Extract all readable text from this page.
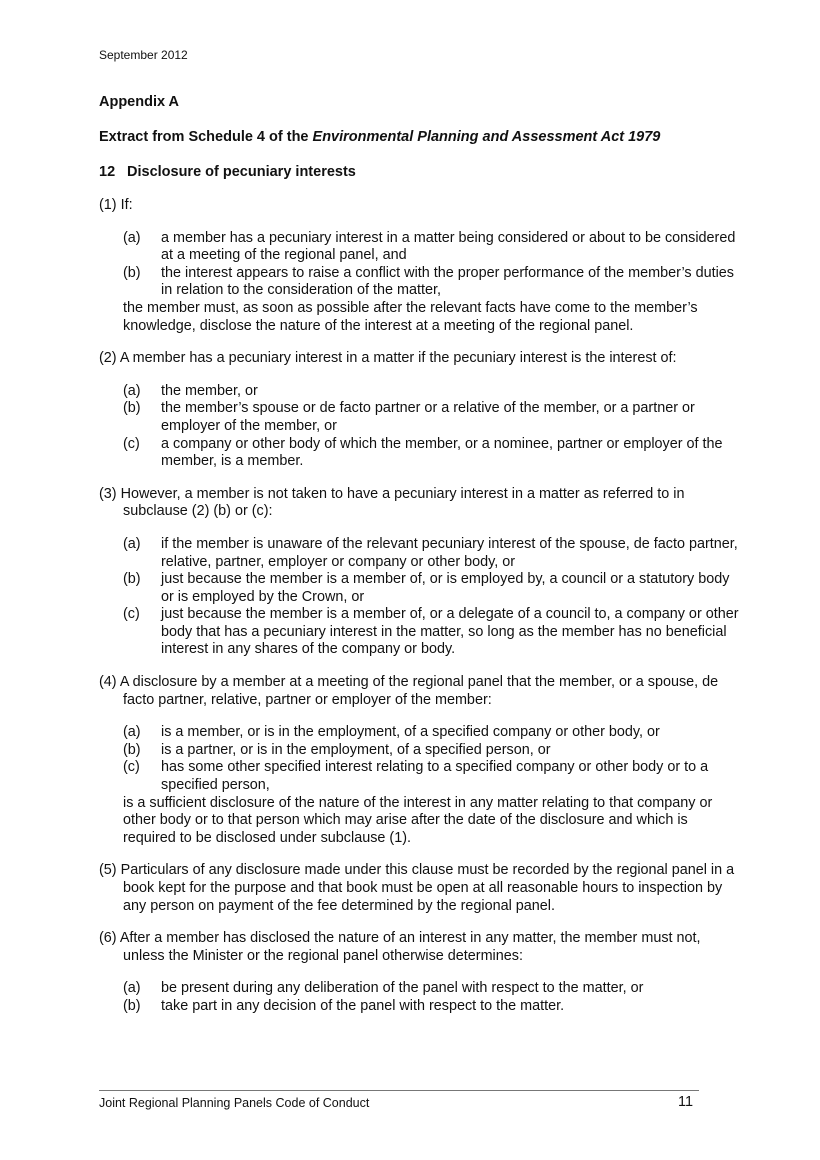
September 2012
Appendix A
Extract from Schedule 4 of the Environmental Planning and Assessment Act 1979
12 Disclosure of pecuniary interests
(1) If:
(a)	a member has a pecuniary interest in a matter being considered or about to be considered at a meeting of the regional panel, and
(b)	the interest appears to raise a conflict with the proper performance of the member’s duties in relation to the consideration of the matter,
the member must, as soon as possible after the relevant facts have come to the member’s knowledge, disclose the nature of the interest at a meeting of the regional panel.
(2) A member has a pecuniary interest in a matter if the pecuniary interest is the interest of:
(a)	the member, or
(b)	the member’s spouse or de facto partner or a relative of the member, or a partner or employer of the member, or
(c)	a company or other body of which the member, or a nominee, partner or employer of the member, is a member.
(3) However, a member is not taken to have a pecuniary interest in a matter as referred to in subclause (2) (b) or (c):
(a)	if the member is unaware of the relevant pecuniary interest of the spouse, de facto partner, relative, partner, employer or company or other body, or
(b)	just because the member is a member of, or is employed by, a council or a statutory body or is employed by the Crown, or
(c)	just because the member is a member of, or a delegate of a council to, a company or other body that has a pecuniary interest in the matter, so long as the member has no beneficial interest in any shares of the company or body.
(4) A disclosure by a member at a meeting of the regional panel that the member, or a spouse, de facto partner, relative, partner or employer of the member:
(a)	is a member, or is in the employment, of a specified company or other body, or
(b)	is a partner, or is in the employment, of a specified person, or
(c)	has some other specified interest relating to a specified company or other body or to a specified person,
is a sufficient disclosure of the nature of the interest in any matter relating to that company or other body or to that person which may arise after the date of the disclosure and which is required to be disclosed under subclause (1).
(5) Particulars of any disclosure made under this clause must be recorded by the regional panel in a book kept for the purpose and that book must be open at all reasonable hours to inspection by any person on payment of the fee determined by the regional panel.
(6) After a member has disclosed the nature of an interest in any matter, the member must not, unless the Minister or the regional panel otherwise determines:
(a)	be present during any deliberation of the panel with respect to the matter, or
(b)	take part in any decision of the panel with respect to the matter.
Joint Regional Planning Panels Code of Conduct	11
